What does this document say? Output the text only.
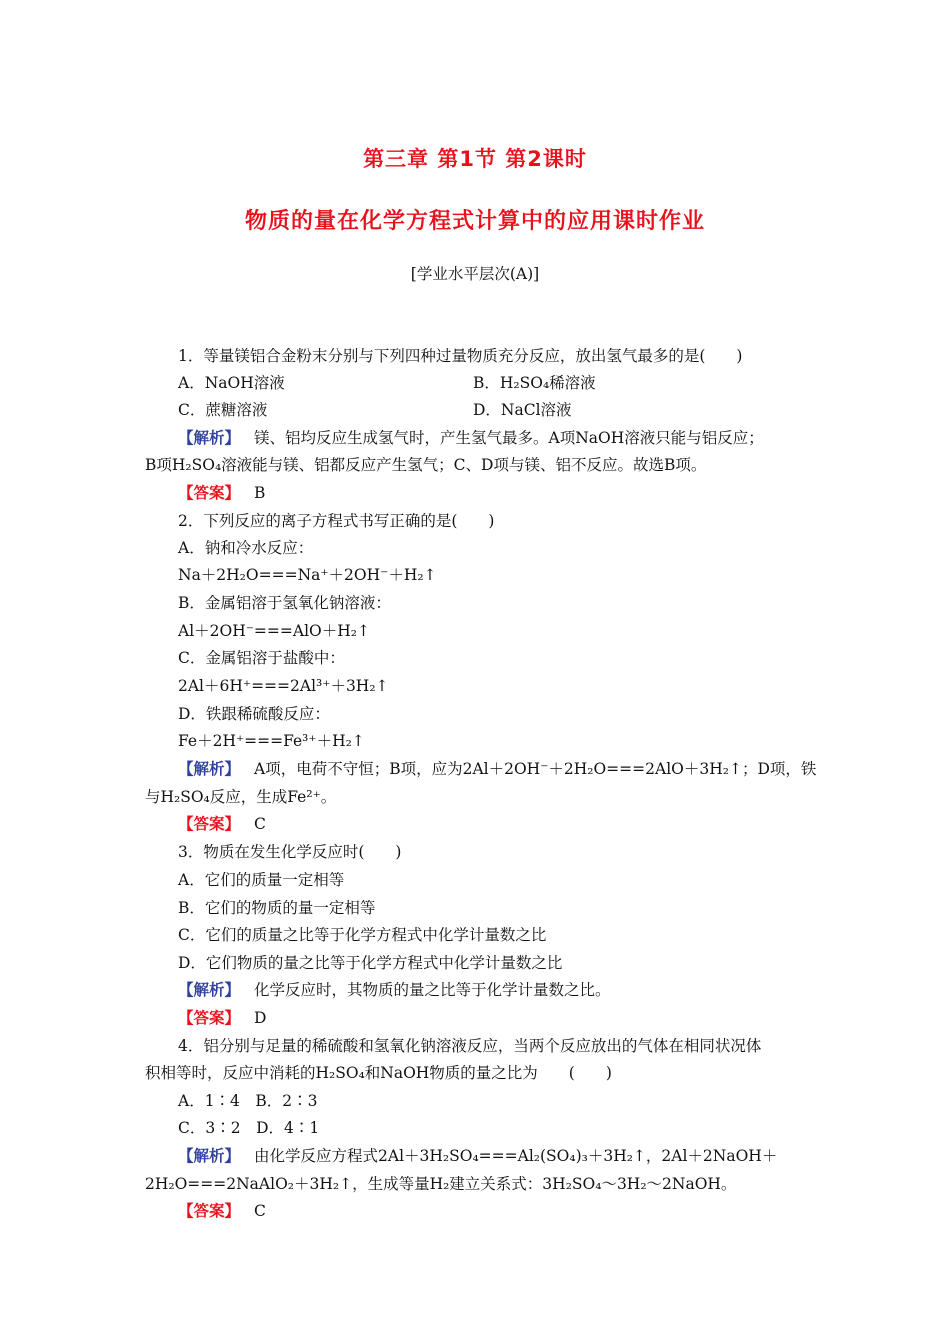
第三章 第1节 第2课时
物质的量在化学方程式计算中的应用课时作业
[学业水平层次(A)]
1．等量镁铝合金粉末分别与下列四种过量物质充分反应，放出氢气最多的是(　　)
A．NaOH溶液	B．H₂SO₄稀溶液
C．蔗糖溶液	D．NaCl溶液
【解析】 镁、铝均反应生成氢气时，产生氢气最多。A项NaOH溶液只能与铝反应；
B项H₂SO₄溶液能与镁、铝都反应产生氢气；C、D项与镁、铝不反应。故选B项。
【答案】 B
2．下列反应的离子方程式书写正确的是(　　)
A．钠和冷水反应：
Na＋2H₂O===Na⁺＋2OH⁻＋H₂↑
B．金属铝溶于氢氧化钠溶液：
Al＋2OH⁻===AlO＋H₂↑
C．金属铝溶于盐酸中：
2Al＋6H⁺===2Al³⁺＋3H₂↑
D．铁跟稀硫酸反应：
Fe＋2H⁺===Fe³⁺＋H₂↑
【解析】 A项，电荷不守恒；B项，应为2Al＋2OH⁻＋2H₂O===2AlO＋3H₂↑；D项，铁
与H₂SO₄反应，生成Fe²⁺。
【答案】 C
3．物质在发生化学反应时(　　)
A．它们的质量一定相等
B．它们的物质的量一定相等
C．它们的质量之比等于化学方程式中化学计量数之比
D．它们物质的量之比等于化学方程式中化学计量数之比
【解析】 化学反应时，其物质的量之比等于化学计量数之比。
【答案】 D
4．铝分别与足量的稀硫酸和氢氧化钠溶液反应，当两个反应放出的气体在相同状况体
积相等时，反应中消耗的H₂SO₄和NaOH物质的量之比为　　(　　)
A．1∶4　B．2∶3
C．3∶2　D．4∶1
【解析】 由化学反应方程式2Al＋3H₂SO₄===Al₂(SO₄)₃＋3H₂↑，2Al＋2NaOH＋
2H₂O===2NaAlO₂＋3H₂↑，生成等量H₂建立关系式：3H₂SO₄～3H₂～2NaOH。
【答案】 C
